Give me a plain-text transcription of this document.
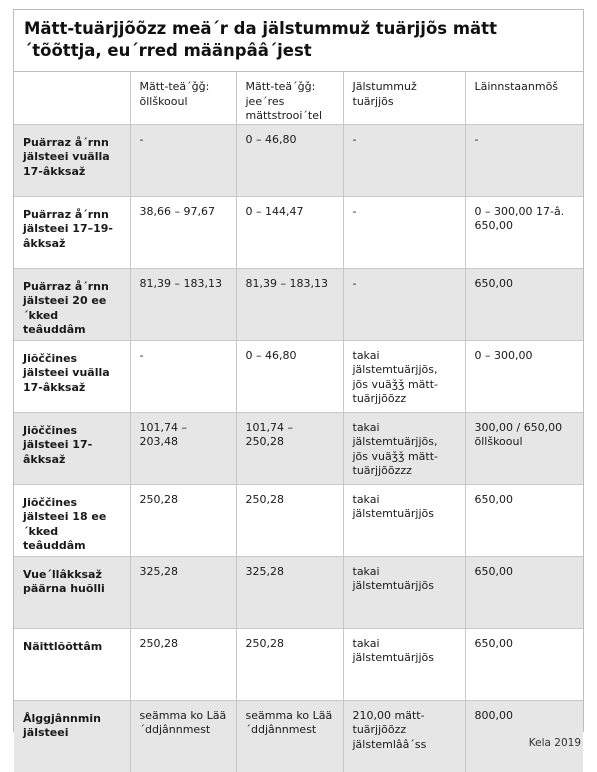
Mätt-tuärjjõõzz meä´r da jälstummuž tuärjjõs mätt´tõõttja, eu´rred määnpââ´jest
	Mätt-teä´ǧǧ: õllškooul	Mätt-teä´ǧǧ: jee´res mättstrooi´tel	Jälstummuž tuärjjõs	Läinnstaanmõš
Puärraz å´rnn jälsteei vuälla 17-âkksaž	-	0 – 46,80	-	-
Puärraz å´rnn jälsteei 17–19-âkksaž	38,66 – 97,67	0 – 144,47	-	0 – 300,00 17-â. 650,00
Puärraz å´rnn jälsteei 20 ee´kked teâuddâm	81,39 – 183,13	81,39 – 183,13	-	650,00
Jiõččines jälsteei vuälla 17-âkksaž	-	0 – 46,80	takai jälstemtuärjjõs, jõs vuäǯǯ mätt-tuärjjõõzz	0 – 300,00
Jiõččines jälsteei 17-âkksaž	101,74 – 203,48	101,74 – 250,28	takai jälstemtuärjjõs, jõs vuäǯǯ mätt-tuärjjõõzzz	300,00 / 650,00 õllškooul
Jiõččines jälsteei 18 ee´kked teâuddâm	250,28	250,28	takai jälstemtuärjjõs	650,00
Vue´llâkksaž päärna huõlli	325,28	325,28	takai jälstemtuärjjõs	650,00
Näittlõõttâm	250,28	250,28	takai jälstemtuärjjõs	650,00
Ålggjânnmin jälsteei	seämma ko Lää´ddjânnmest	seämma ko Lää´ddjânnmest	210,00 mätt-tuärjjõõzz jälstemlââ´ss	800,00
Kela 2019
